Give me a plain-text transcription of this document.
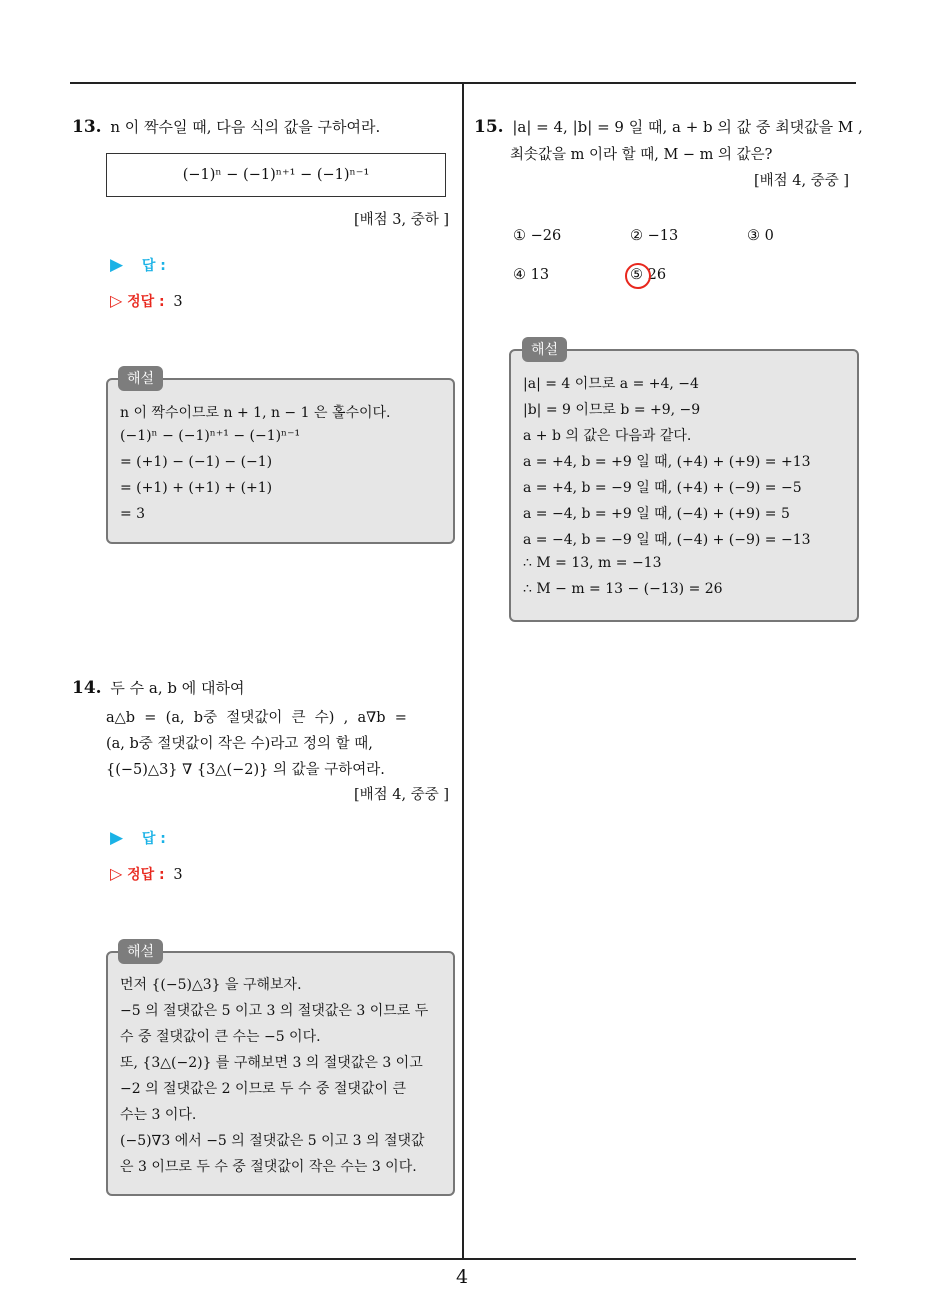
13. n 이 짝수일 때, 다음 식의 값을 구하여라.
(−1)ⁿ − (−1)ⁿ⁺¹ − (−1)ⁿ⁻¹
[배점 3, 중하 ]
▶ 답 :
▷ 정답 : 3
n 이 짝수이므로 n + 1, n − 1 은 홀수이다.
(−1)ⁿ − (−1)ⁿ⁺¹ − (−1)ⁿ⁻¹
= (+1) − (−1) − (−1)
= (+1) + (+1) + (+1)
= 3
해설
14. 두 수 a, b 에 대하여
a△b  =  (a,  b중  절댓값이  큰  수)  ,  a∇b  =
(a, b중 절댓값이 작은 수)라고 정의 할 때,
{(−5)△3} ∇ {3△(−2)} 의 값을 구하여라.
[배점 4, 중중 ]
▶ 답 :
▷ 정답 : 3
먼저 {(−5)△3} 을 구해보자.
−5 의 절댓값은 5 이고 3 의 절댓값은 3 이므로 두
수 중 절댓값이 큰 수는 −5 이다.
또, {3△(−2)} 를 구해보면 3 의 절댓값은 3 이고
−2 의 절댓값은 2 이므로 두 수 중 절댓값이 큰
수는 3 이다.
(−5)∇3 에서 −5 의 절댓값은 5 이고 3 의 절댓값
은 3 이므로 두 수 중 절댓값이 작은 수는 3 이다.
해설
15. |a| = 4, |b| = 9 일 때, a + b 의 값 중 최댓값을 M ,
최솟값을 m 이라 할 때, M − m 의 값은?
[배점 4, 중중 ]
① −26	② −13	③ 0
④ 13	⑤ 26
|a| = 4 이므로 a = +4, −4
|b| = 9 이므로 b = +9, −9
a + b 의 값은 다음과 같다.
a = +4, b = +9 일 때, (+4) + (+9) = +13
a = +4, b = −9 일 때, (+4) + (−9) = −5
a = −4, b = +9 일 때, (−4) + (+9) = 5
a = −4, b = −9 일 때, (−4) + (−9) = −13
∴ M = 13, m = −13
∴ M − m = 13 − (−13) = 26
해설
4
